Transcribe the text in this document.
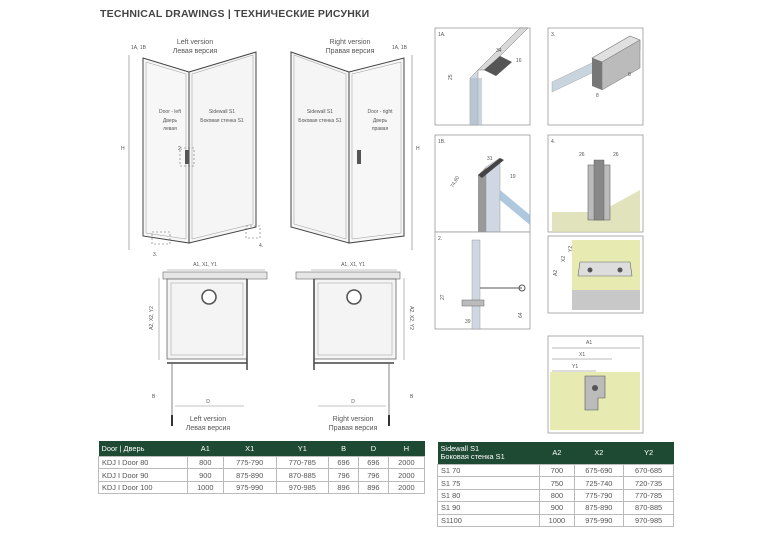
TECHNICAL DRAWINGS | ТЕХНИЧЕСКИЕ РИСУНКИ
Left version
Левая версия
1A, 1B
H
Door - left
Дверь
левая
Sidewall S1
Боковая стенка S1
2.
3.
4.
Right version
Правая версия	1A, 1B
H
Sidewall S1
Боковая стенка S1
Door - right
Дверь
правая
A1, X1, Y1
A2, X2, Y2
B
D
Left version
Левая версия
A1, X1, Y1
A2, X2, Y2
B
D
Right version
Правая версия
1A.
34
16
25
3.
8
8
1B.
31
19
74,60
4.
26	26
2.
27
39
64
A2
X2
Y2
A1
X1
Y1
Door | Дверь	A1	X1	Y1	B	D	H
KDJ I Door 80	800	775-790	770-785	696	696	2000
KDJ I Door 90	900	875-890	870-885	796	796	2000
KDJ I Door 100	1000	975-990	970-985	896	896	2000
Sidewall S1
Боковая стенка S1	A2	X2	Y2
S1 70	700	675-690	670-685
S1 75	750	725-740	720-735
S1 80	800	775-790	770-785
S1 90	900	875-890	870-885
S1100	1000	975-990	970-985
